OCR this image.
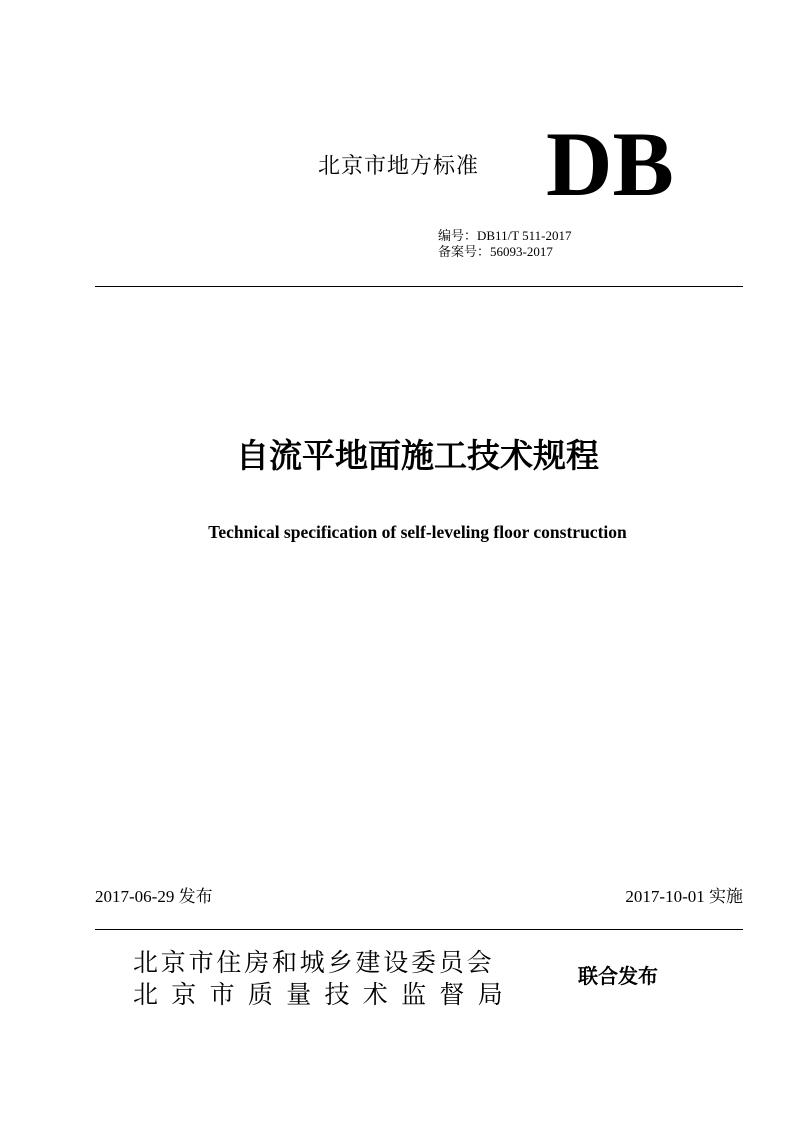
北京市地方标准 DB
编号：DB11/T 511-2017
备案号：56093-2017
自流平地面施工技术规程
Technical specification of self-leveling floor construction
2017-06-29 发布	2017-10-01 实施
北京市住房和城乡建设委员会
北京市质量技术监督局
联合发布
